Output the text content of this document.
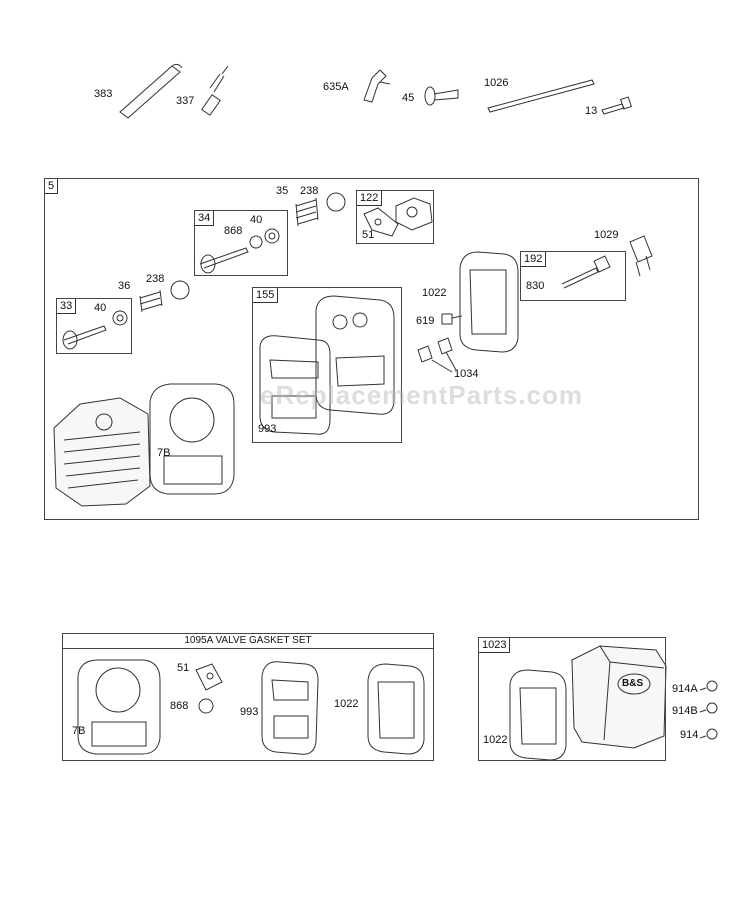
5
34
33
122
155
192
1023
1095A VALVE GASKET SET
383
337
635A
45
1026
13
35 238
868
40
36
238
40
51
993
830
1029
1022
619
1034
7B
7B
51
868	993
1022
1022
914A
914B
914
B&S
eReplacementParts.com
